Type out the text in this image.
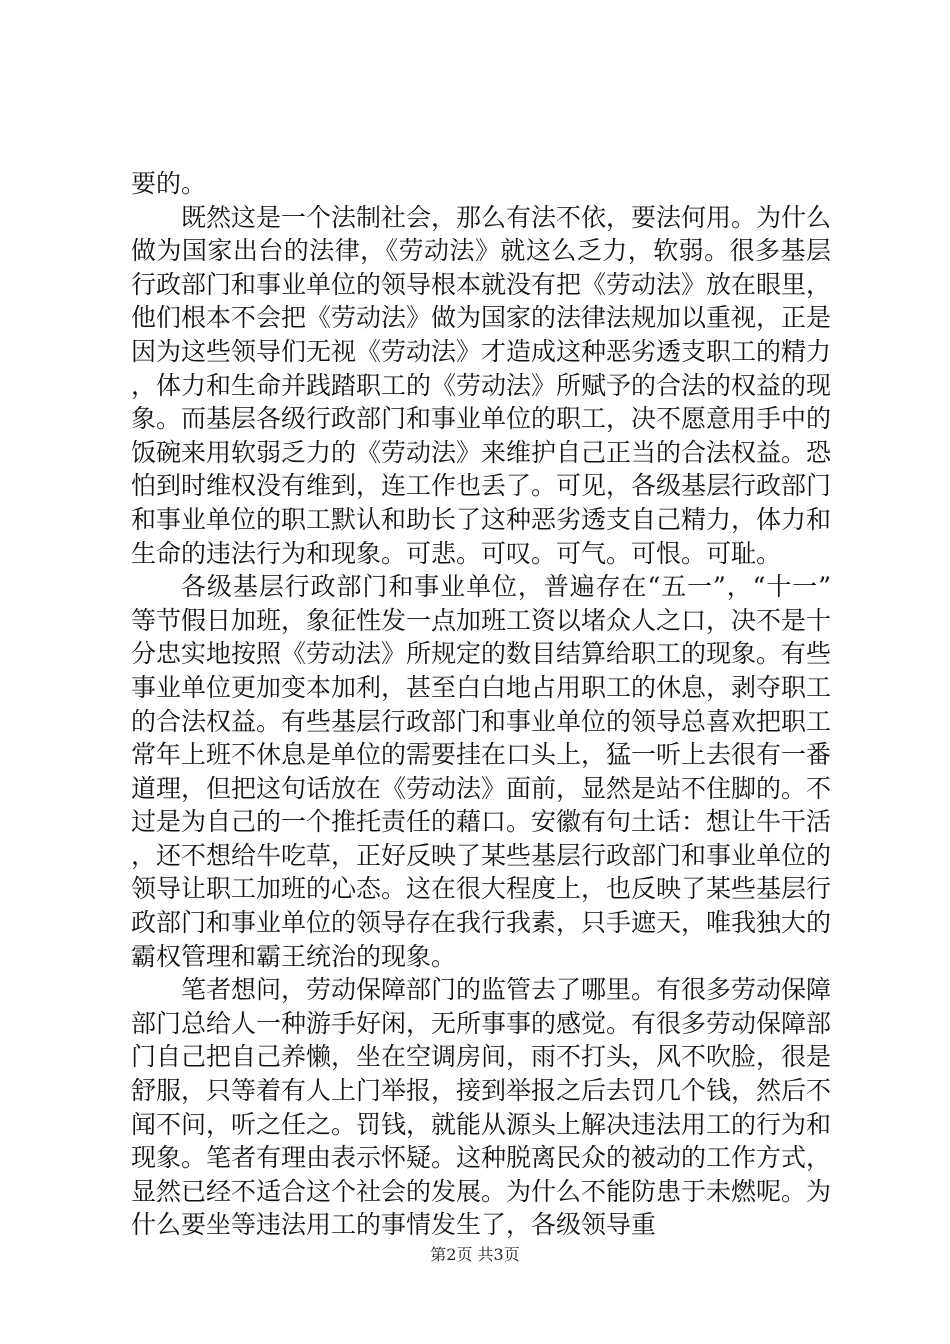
要的。

既然这是一个法制社会，那么有法不依，要法何用。为什么做为国家出台的法律，《劳动法》就这么乏力，软弱。很多基层行政部门和事业单位的领导根本就没有把《劳动法》放在眼里，他们根本不会把《劳动法》做为国家的法律法规加以重视，正是因为这些领导们无视《劳动法》才造成这种恶劣透支职工的精力，体力和生命并践踏职工的《劳动法》所赋予的合法的权益的现象。而基层各级行政部门和事业单位的职工，决不愿意用手中的饭碗来用软弱乏力的《劳动法》来维护自己正当的合法权益。恐怕到时维权没有维到，连工作也丢了。可见，各级基层行政部门和事业单位的职工默认和助长了这种恶劣透支自己精力，体力和生命的违法行为和现象。可悲。可叹。可气。可恨。可耻。

各级基层行政部门和事业单位，普遍存在“五一”，“十一”等节假日加班，象征性发一点加班工资以堵众人之口，决不是十分忠实地按照《劳动法》所规定的数目结算给职工的现象。有些事业单位更加变本加利，甚至白白地占用职工的休息，剥夺职工的合法权益。有些基层行政部门和事业单位的领导总喜欢把职工常年上班不休息是单位的需要挂在口头上，猛一听上去很有一番道理，但把这句话放在《劳动法》面前，显然是站不住脚的。不过是为自己的一个推托责任的藉口。安徽有句土话：想让牛干活，还不想给牛吃草，正好反映了某些基层行政部门和事业单位的领导让职工加班的心态。这在很大程度上，也反映了某些基层行政部门和事业单位的领导存在我行我素，只手遮天，唯我独大的霸权管理和霸王统治的现象。

笔者想问，劳动保障部门的监管去了哪里。有很多劳动保障部门总给人一种游手好闲，无所事事的感觉。有很多劳动保障部门自己把自己养懒，坐在空调房间，雨不打头，风不吹脸，很是舒服，只等着有人上门举报，接到举报之后去罚几个钱，然后不闻不问，听之任之。罚钱，就能从源头上解决违法用工的行为和现象。笔者有理由表示怀疑。这种脱离民众的被动的工作方式，显然已经不适合这个社会的发展。为什么不能防患于未燃呢。为什么要坐等违法用工的事情发生了，各级领导重

第2页 共3页
